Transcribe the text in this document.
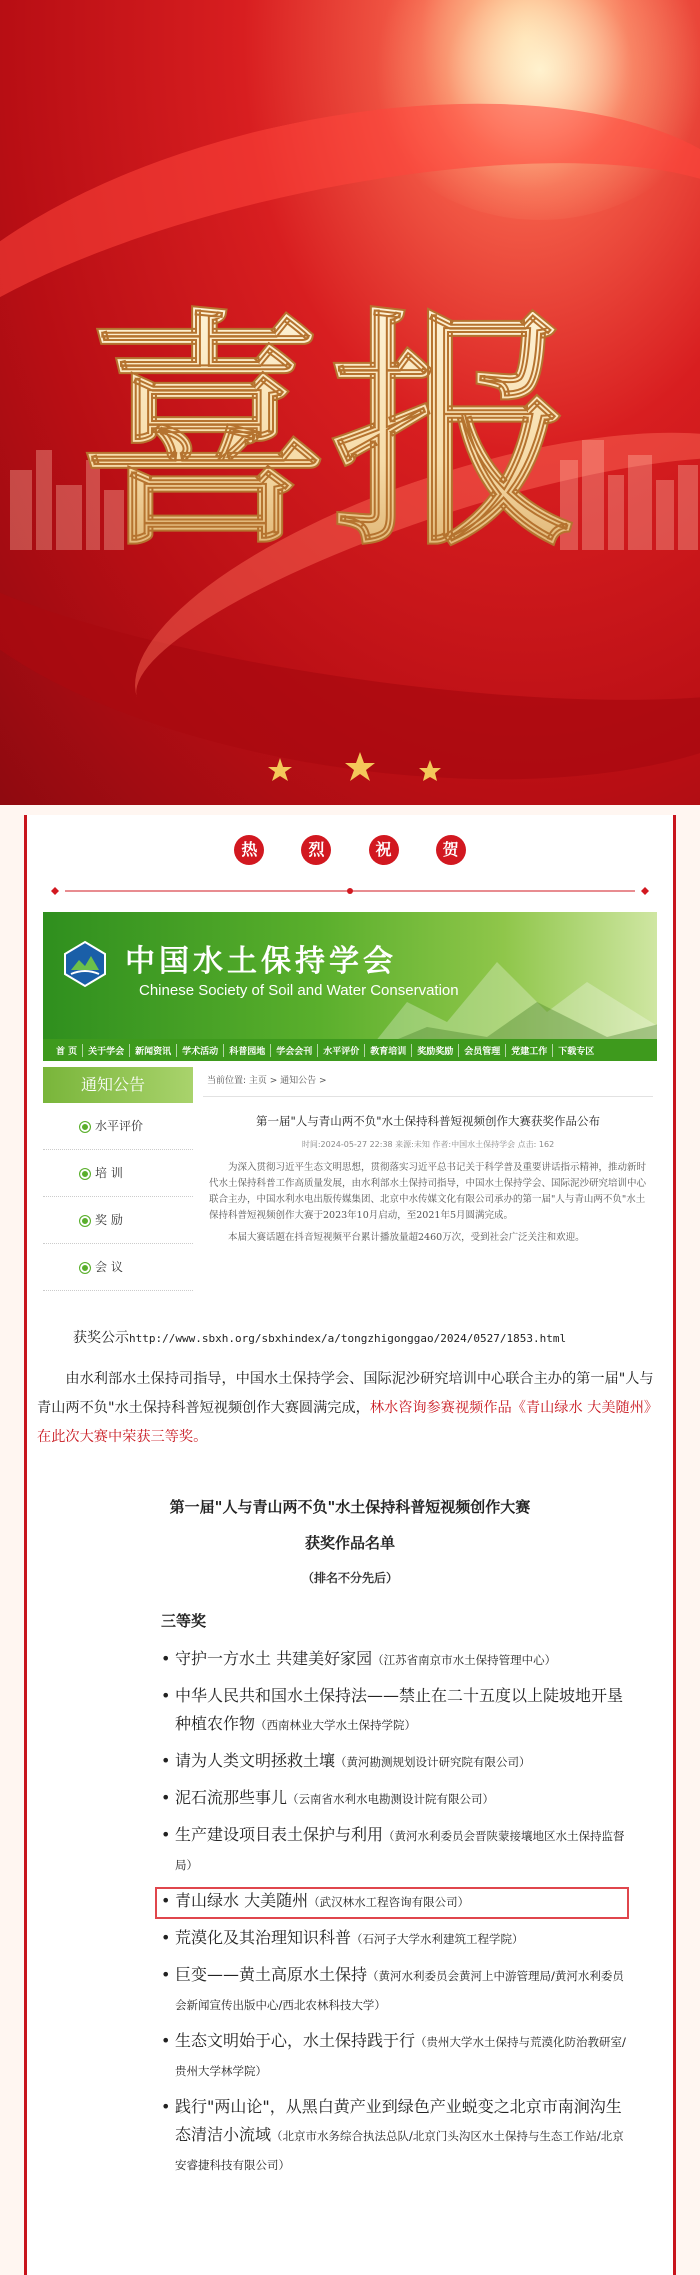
喜报
热	烈	祝	贺
中国水土保持学会
Chinese Society of Soil and Water Conservation
首 页	关于学会	新闻资讯	学术活动	科普园地	学会会刊	水平评价	教育培训	奖励奖励	会员管理	党建工作	下载专区
通知公告
水平评价
培 训
奖 励
会 议
当前位置: 主页 > 通知公告 >
第一届"人与青山两不负"水土保持科普短视频创作大赛获奖作品公布
时间:2024-05-27 22:38 来源:未知 作者:中国水土保持学会 点击: 162

为深入贯彻习近平生态文明思想，贯彻落实习近平总书记关于科学普及重要讲话指示精神，推动新时代水土保持科普工作高质量发展，由水利部水土保持司指导，中国水土保持学会、国际泥沙研究培训中心联合主办，中国水利水电出版传媒集团、北京中水传媒文化有限公司承办的第一届"人与青山两不负"水土保持科普短视频创作大赛于2023年10月启动，至2021年5月圆满完成。

本届大赛话题在抖音短视频平台累计播放量超2460万次，受到社会广泛关注和欢迎。

获奖公示http://www.sbxh.org/sbxhindex/a/tongzhigonggao/2024/0527/1853.html
由水利部水土保持司指导，中国水土保持学会、国际泥沙研究培训中心联合主办的第一届"人与青山两不负"水土保持科普短视频创作大赛圆满完成，林水咨询参赛视频作品《青山绿水 大美随州》在此次大赛中荣获三等奖。
第一届"人与青山两不负"水土保持科普短视频创作大赛
获奖作品名单
（排名不分先后）
三等奖
• 守护一方水土 共建美好家园（江苏省南京市水土保持管理中心）
• 中华人民共和国水土保持法——禁止在二十五度以上陡坡地开垦种植农作物（西南林业大学水土保持学院）
• 请为人类文明拯救土壤（黄河勘测规划设计研究院有限公司）
• 泥石流那些事儿（云南省水利水电勘测设计院有限公司）
• 生产建设项目表土保护与利用（黄河水利委员会晋陕蒙接壤地区水土保持监督局）
• 青山绿水 大美随州（武汉林水工程咨询有限公司）
• 荒漠化及其治理知识科普（石河子大学水利建筑工程学院）
• 巨变——黄土高原水土保持（黄河水利委员会黄河上中游管理局/黄河水利委员会新闻宣传出版中心/西北农林科技大学）
• 生态文明始于心，水土保持践于行（贵州大学水土保持与荒漠化防治教研室/贵州大学林学院）
• 践行"两山论"，从黑白黄产业到绿色产业蜕变之北京市南涧沟生态清洁小流域（北京市水务综合执法总队/北京门头沟区水土保持与生态工作站/北京安睿捷科技有限公司）
